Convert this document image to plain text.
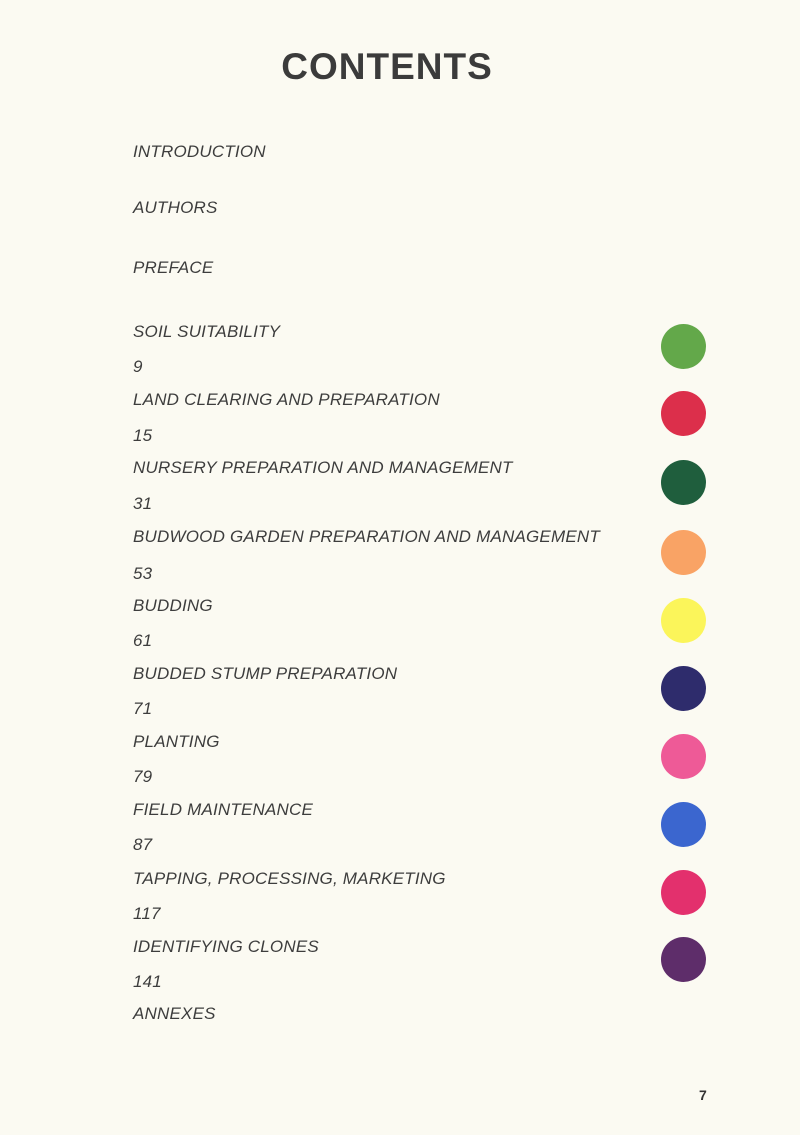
CONTENTS
INTRODUCTION
AUTHORS
PREFACE
SOIL SUITABILITY
9
LAND CLEARING AND PREPARATION
15
NURSERY PREPARATION AND MANAGEMENT
31
BUDWOOD GARDEN PREPARATION AND MANAGEMENT
53
BUDDING
61
BUDDED STUMP PREPARATION
71
PLANTING
79
FIELD MAINTENANCE
87
TAPPING, PROCESSING, MARKETING
117
IDENTIFYING CLONES
141
ANNEXES
7
